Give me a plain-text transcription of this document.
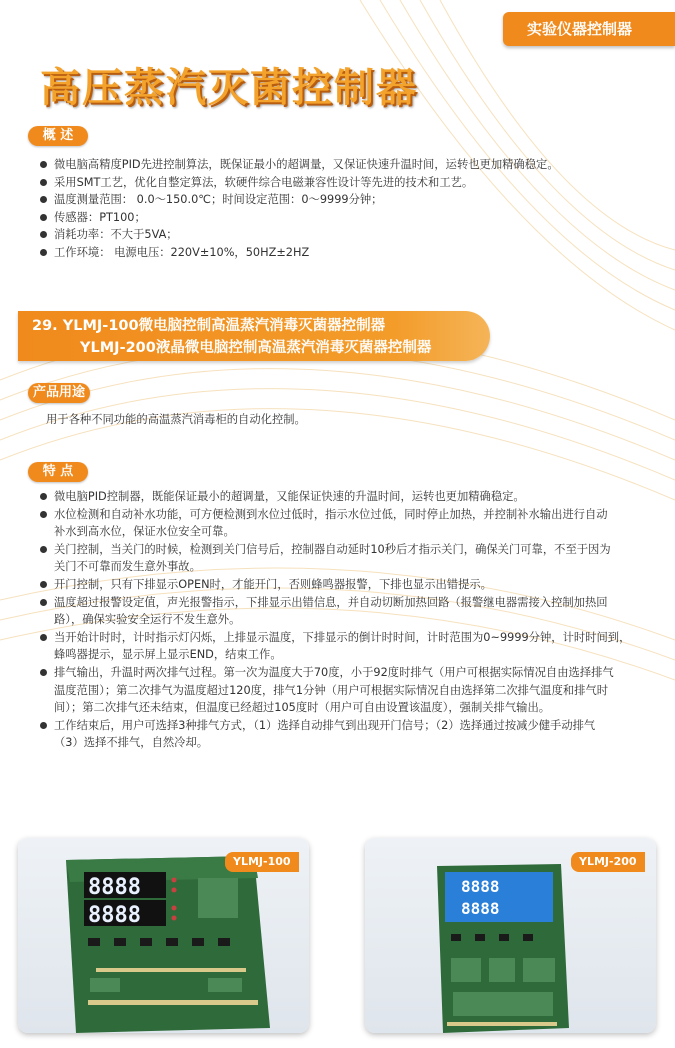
实验仪器控制器
高压蒸汽灭菌控制器
概 述
微电脑高精度PID先进控制算法，既保证最小的超调量，又保证快速升温时间，运转也更加精确稳定。
采用SMT工艺，优化自整定算法，软硬件综合电磁兼容性设计等先进的技术和工艺。
温度测量范围： 0.0～150.0℃；时间设定范围：0～9999分钟；
传感器：PT100；
消耗功率：不大于5VA；
工作环境： 电源电压：220V±10%，50HZ±2HZ
29. YLMJ-100微电脑控制高温蒸汽消毒灭菌器控制器
YLMJ-200液晶微电脑控制高温蒸汽消毒灭菌器控制器
产品用途
用于各种不同功能的高温蒸汽消毒柜的自动化控制。
特 点
微电脑PID控制器，既能保证最小的超调量，又能保证快速的升温时间，运转也更加精确稳定。
水位检测和自动补水功能，可方便检测到水位过低时，指示水位过低，同时停止加热，并控制补水输出进行自动
补水到高水位，保证水位安全可靠。
关门控制，当关门的时候，检测到关门信号后，控制器自动延时10秒后才指示关门，确保关门可靠，不至于因为
关门不可靠而发生意外事故。
开门控制，只有下排显示OPEN时，才能开门，否则蜂鸣器报警，下排也显示出错提示。
温度超过报警设定值，声光报警指示，下排显示出错信息，并自动切断加热回路（报警继电器需接入控制加热回
路），确保实验安全运行不发生意外。
当开始计时时，计时指示灯闪烁，上排显示温度，下排显示的倒计时时间，计时范围为0~9999分钟，计时时间到，
蜂鸣器提示，显示屏上显示END，结束工作。
排气输出，升温时两次排气过程。第一次为温度大于70度，小于92度时排气（用户可根据实际情况自由选择排气
温度范围）；第二次排气为温度超过120度，排气1分钟（用户可根据实际情况自由选择第二次排气温度和排气时
间）；第二次排气还未结束，但温度已经超过105度时（用户可自由设置该温度），强制关排气输出。
工作结束后，用户可选择3种排气方式，（1）选择自动排气到出现开门信号；（2）选择通过按减少健手动排气
（3）选择不排气，自然冷却。
8888
8888
YLMJ-100
8888
8888
YLMJ-200
